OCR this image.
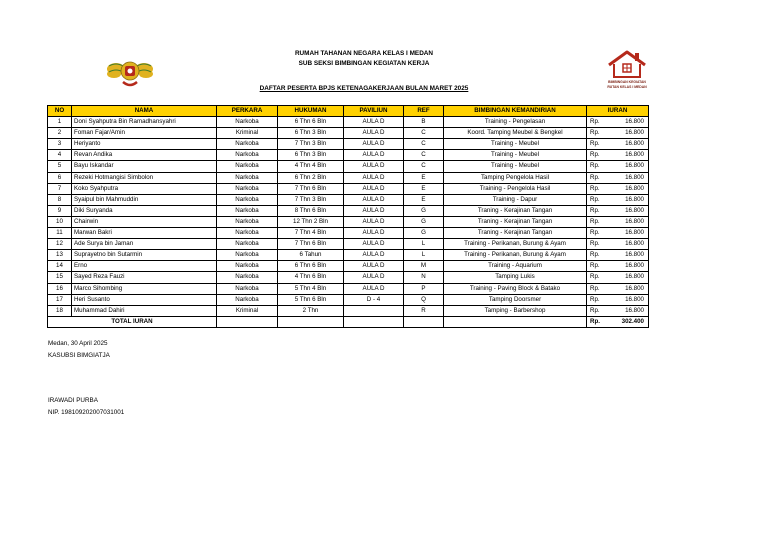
BIMBINGAN KEGIATAN
RUTAN KELAS I MEDAN
RUMAH TAHANAN NEGARA KELAS I MEDAN
SUB SEKSI BIMBINGAN KEGIATAN KERJA
DAFTAR PESERTA BPJS KETENAGAKERJAAN BULAN MARET 2025
NO	NAMA	PERKARA	HUKUMAN	PAVILIUN	REF	BIMBINGAN KEMANDIRIAN	IURAN	
1	Doni Syahputra Bin Ramadhansyahri	Narkoba	6 Thn 6 Bln	AULA D	B	Training - Pengelasan	Rp.	16.800
2	Foman Fajar/Amin	Kriminal	6 Thn 3 Bln	AULA D	C	Koord. Tamping Meubel & Bengkel	Rp.	16.800
3	Heriyanto	Narkoba	7 Thn 3 Bln	AULA D	C	Training - Meubel	Rp.	16.800
4	Revan Andika	Narkoba	6 Thn 3 Bln	AULA D	C	Training - Meubel	Rp.	16.800
5	Bayu Iskandar	Narkoba	4 Thn 4 Bln	AULA D	C	Training - Meubel	Rp.	16.800
6	Rezeki Hotmangisi Simbolon	Narkoba	6 Thn 2 Bln	AULA D	E	Tamping Pengelola Hasil	Rp.	16.800
7	Koko Syahputra	Narkoba	7 Thn 6 Bln	AULA D	E	Training - Pengelola Hasil	Rp.	16.800
8	Syaipul bin Mahmuddin	Narkoba	7 Thn 3 Bln	AULA D	E	Training - Dapur	Rp.	16.800
9	Diki Suryanda	Narkoba	8 Thn 6 Bln	AULA D	G	Traning - Kerajinan Tangan	Rp.	16.800
10	Chairwin	Narkoba	12 Thn 2 Bln	AULA D	G	Traning - Kerajinan Tangan	Rp.	16.800
11	Marwan Bakri	Narkoba	7 Thn 4 Bln	AULA D	G	Traning - Kerajinan Tangan	Rp.	16.800
12	Ade Surya bin Jaman	Narkoba	7 Thn 6 Bln	AULA D	L	Training - Perikanan, Burung & Ayam	Rp.	16.800
13	Suprayetno bin Sutarmin	Narkoba	6 Tahun	AULA D	L	Training - Perikanan, Burung & Ayam	Rp.	16.800
14	Erno	Narkoba	6 Thn 6 Bln	AULA D	M	Training - Aquarium	Rp.	16.800
15	Sayed Reza Fauzi	Narkoba	4 Thn 6 Bln	AULA D	N	Tamping Lukis	Rp.	16.800
16	Marco Sihombing	Narkoba	5 Thn 4 Bln	AULA D	P	Training - Paving Block & Batako	Rp.	16.800
17	Heri Susanto	Narkoba	5 Thn 6 Bln	D - 4	Q	Tamping Doorsmer	Rp.	16.800
18	Muhammad Dahiri	Kriminal	2 Thn		R	Tamping - Barbershop	Rp.	16.800
TOTAL IURAN							Rp.	302.400
Medan, 30 April 2025
KASUBSI BIMGIATJA
IRAWADI PURBA
NIP. 198109202007031001
